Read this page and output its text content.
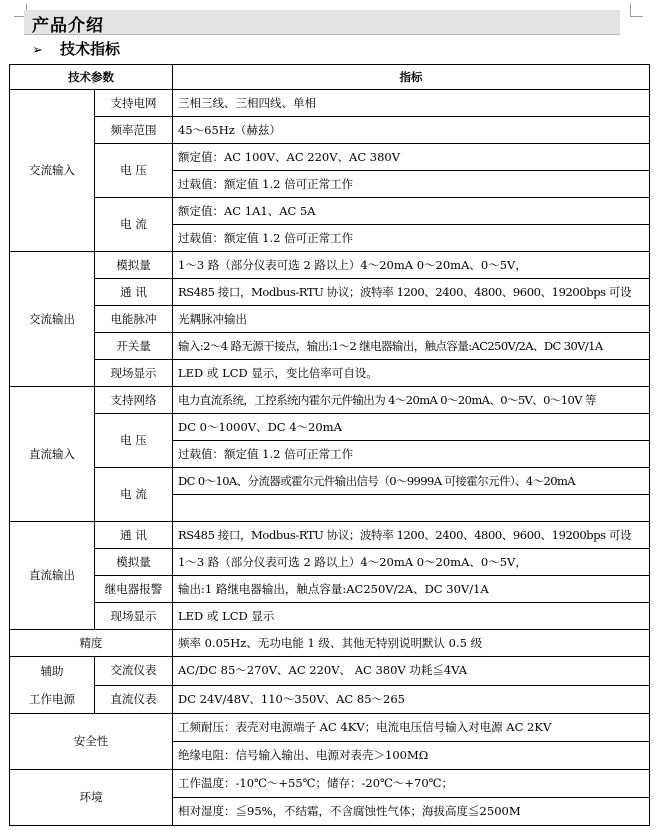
产品介绍
➢ 技术指标
技术参数		指标
交流输入	支持电网	三相三线、三相四线、单相
	频率范围	45～65Hz（赫兹）
	电 压	额定值：AC 100V、AC 220V、AC 380V
		过载值：额定值 1.2 倍可正常工作
	电 流	额定值：AC 1A1、AC 5A
		过载值：额定值 1.2 倍可正常工作
交流输出	模拟量	1～3 路（部分仪表可选 2 路以上）4～20mA 0～20mA、0～5V，
	通 讯	RS485 接口，Modbus-RTU 协议；波特率 1200、2400、4800、9600、19200bps 可设
	电能脉冲	光耦脉冲输出
	开关量	输入:2～4 路无源干接点，输出:1～2 继电器输出，触点容量:AC250V/2A、DC 30V/1A
	现场显示	LED 或 LCD 显示，变比倍率可自设。
直流输入	支持网络	电力直流系统，工控系统内霍尔元件输出为 4～20mA 0～20mA、0～5V、0～10V 等
	电 压	DC 0～1000V、DC 4～20mA
		过载值：额定值 1.2 倍可正常工作
	电 流	DC 0～10A、分流器或霍尔元件输出信号（0～9999A 可接霍尔元件）、4～20mA

直流输出	通 讯	RS485 接口，Modbus-RTU 协议；波特率 1200、2400、4800、9600、19200bps 可设
	模拟量	1～3 路（部分仪表可选 2 路以上）4～20mA 0～20mA、0～5V，
	继电器报警	输出:1 路继电器输出，触点容量:AC250V/2A、DC 30V/1A
	现场显示	LED 或 LCD 显示
精度		频率 0.05Hz、无功电能 1 级、其他无特别说明默认 0.5 级

辅助
工作电源	交流仪表	AC/DC 85～270V、AC 220V、 AC 380V 功耗≦4VA
	直流仪表	DC 24V/48V、110～350V、AC 85～265
安全性		工频耐压：表壳对电源端子 AC 4KV；电流电压信号输入对电源 AC 2KV
		绝缘电阻：信号输入输出、电源对表壳＞100MΩ
环境		工作温度：-10℃～+55℃；储存：-20℃～+70℃；
		相对湿度：≦95%，不结霜，不含腐蚀性气体；海拔高度≦2500M
